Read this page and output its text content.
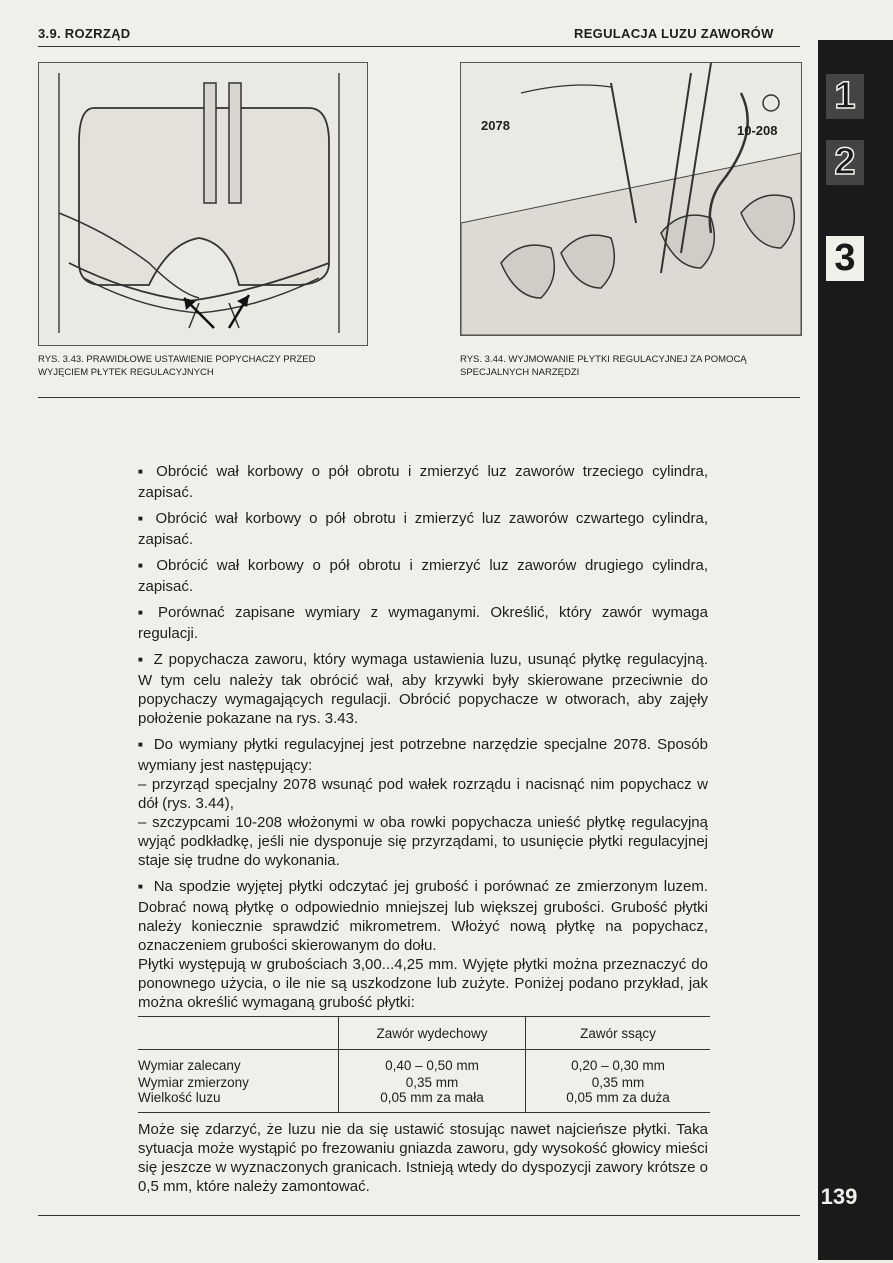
3.9. ROZRZĄD	REGULACJA LUZU ZAWORÓW
1
2
3
139
RYS. 3.43. PRAWIDŁOWE USTAWIENIE POPYCHACZY PRZED WYJĘCIEM PŁYTEK REGULACYJNYCH
2078	10-208
RYS. 3.44. WYJMOWANIE PŁYTKI REGULACYJNEJ ZA POMOCĄ SPECJALNYCH NARZĘDZI

■ Obrócić wał korbowy o pół obrotu i zmierzyć luz zaworów trzeciego cylindra, zapisać.

■ Obrócić wał korbowy o pół obrotu i zmierzyć luz zaworów czwartego cylindra, zapisać.

■ Obrócić wał korbowy o pół obrotu i zmierzyć luz zaworów drugiego cylindra, zapisać.

■ Porównać zapisane wymiary z wymaganymi. Określić, który zawór wymaga regulacji.

■ Z popychacza zaworu, który wymaga ustawienia luzu, usunąć płytkę regulacyjną. W tym celu należy tak obrócić wał, aby krzywki były skierowane przeciwnie do popychaczy wymagających regulacji. Obrócić popychacze w otworach, aby zajęły położenie pokazane na rys. 3.43.

■ Do wymiany płytki regulacyjnej jest potrzebne narzędzie specjalne 2078. Sposób wymiany jest następujący:

– przyrząd specjalny 2078 wsunąć pod wałek rozrządu i nacisnąć nim popychacz w dół (rys. 3.44),

– szczypcami 10-208 włożonymi w oba rowki popychacza unieść płytkę regulacyjną wyjąć podkładkę, jeśli nie dysponuje się przyrządami, to usunięcie płytki regulacyjnej staje się trudne do wykonania.

■ Na spodzie wyjętej płytki odczytać jej grubość i porównać ze zmierzonym luzem. Dobrać nową płytkę o odpowiednio mniejszej lub większej grubości. Grubość płytki należy koniecznie sprawdzić mikrometrem. Włożyć nową płytkę na popychacz, oznaczeniem grubości skierowanym do dołu.

Płytki występują w grubościach 3,00...4,25 mm. Wyjęte płytki można przeznaczyć do ponownego użycia, o ile nie są uszkodzone lub zużyte. Poniżej podano przykład, jak można określić wymaganą grubość płytki:

	Zawór wydechowy	Zawór ssący

Wymiar zalecany	0,40 – 0,50 mm	0,20 – 0,30 mm
Wymiar zmierzony	0,35 mm	0,35 mm
Wielkość luzu	0,05 mm za mała	0,05 mm za duża
Może się zdarzyć, że luzu nie da się ustawić stosując nawet najcieńsze płytki. Taka sytuacja może wystąpić po frezowaniu gniazda zaworu, gdy wysokość głowicy mieści się jeszcze w wyznaczonych granicach. Istnieją wtedy do dyspozycji zawory krótsze o 0,5 mm, które należy zamontować.
